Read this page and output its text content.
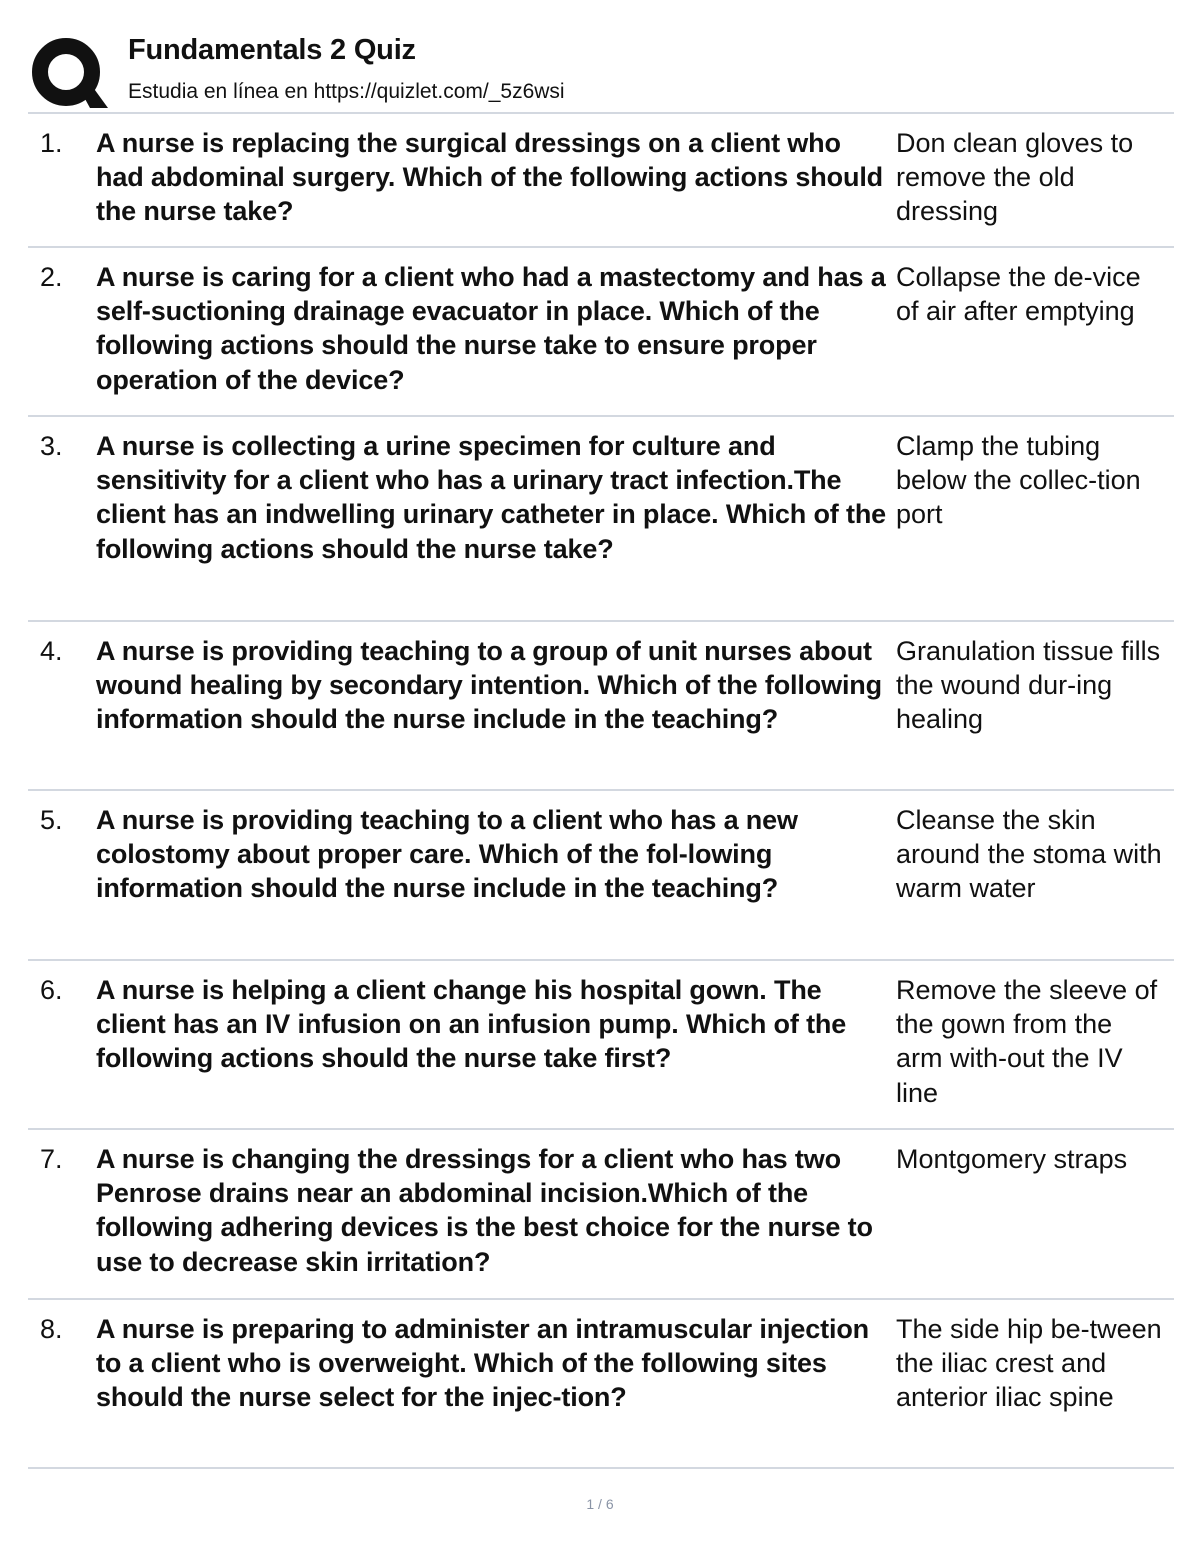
Fundamentals 2 Quiz
Estudia en línea en https://quizlet.com/_5z6wsi
1. A nurse is replacing the surgical dressings on a client who had abdominal surgery. Which of the following actions should the nurse take?
Don clean gloves to remove the old dressing
2. A nurse is caring for a client who had a mastectomy and has a self-suctioning drainage evacuator in place. Which of the following actions should the nurse take to ensure proper operation of the device?
Collapse the de-vice of air after emptying
3. A nurse is collecting a urine specimen for culture and sensitivity for a client who has a urinary tract infection.The client has an indwelling urinary catheter in place. Which of the following actions should the nurse take?
Clamp the tubing below the collec-tion port
4. A nurse is providing teaching to a group of unit nurses about wound healing by secondary intention. Which of the following information should the nurse include in the teaching?
Granulation tissue fills the wound dur-ing healing
5. A nurse is providing teaching to a client who has a new colostomy about proper care. Which of the fol-lowing information should the nurse include in the teaching?
Cleanse the skin around the stoma with warm water
6. A nurse is helping a client change his hospital gown. The client has an IV infusion on an infusion pump. Which of the following actions should the nurse take first?
Remove the sleeve of the gown from the arm with-out the IV line
7. A nurse is changing the dressings for a client who has two Penrose drains near an abdominal incision.Which of the following adhering devices is the best choice for the nurse to use to decrease skin irritation?
Montgomery straps
8. A nurse is preparing to administer an intramuscular injection to a client who is overweight. Which of the following sites should the nurse select for the injec-tion?
The side hip be-tween the iliac crest and anterior iliac spine
1 / 6
